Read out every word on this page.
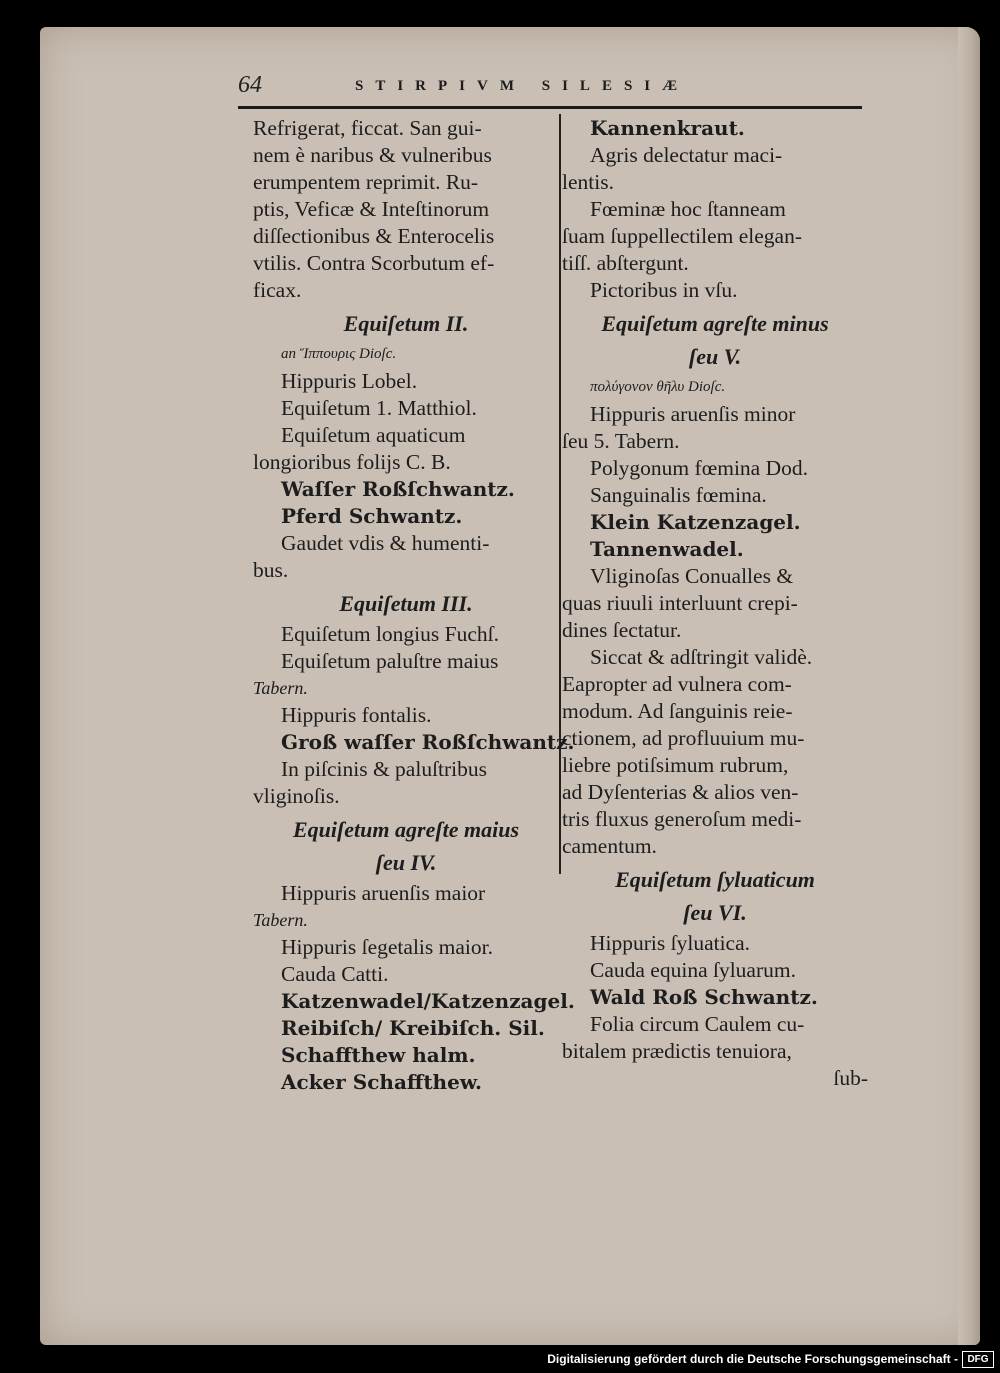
64	STIRPIVM SILESIÆ
Refrigerat, ficcat. San gui-
nem è naribus & vulneribus
erumpentem reprimit. Ru-
ptis, Veficæ & Inteſtinorum
diſſectionibus & Enterocelis
vtilis. Contra Scorbutum ef-
ficax.
Equiſetum II.
an Ἵππουρις Dioſc.
Hippuris Lobel.
Equiſetum 1. Matthiol.
Equiſetum aquaticum
longioribus folijs C. B.
Waſſer Roßſchwantz.
Pferd Schwantz.
Gaudet vdis & humenti-
bus.
Equiſetum III.
Equiſetum longius Fuchſ.
Equiſetum paluſtre maius
Tabern.
Hippuris fontalis.
Groß waſſer Roßſchwantz.
In piſcinis & paluſtribus
vliginoſis.
Equiſetum agreſte maius
ſeu IV.
Hippuris aruenſis maior
Tabern.
Hippuris ſegetalis maior.
Cauda Catti.
Katzenwadel/Katzenzagel.
Reibiſch/ Kreibiſch. Sil.
Schaffthew halm.
Acker Schaffthew.
Kannenkraut.
Agris delectatur maci-
lentis.
Fœminæ hoc ſtanneam
ſuam ſuppellectilem elegan-
tiſſ. abſtergunt.
Pictoribus in vſu.
Equiſetum agreſte minus
ſeu V.
πολύγονον θῆλυ Dioſc.
Hippuris aruenſis minor
ſeu 5. Tabern.
Polygonum fœmina Dod.
Sanguinalis fœmina.
Klein Katzenzagel.
Tannenwadel.
Vliginoſas Conualles &
quas riuuli interluunt crepi-
dines ſectatur.
Siccat & adſtringit validè.
Eapropter ad vulnera com-
modum. Ad ſanguinis reie-
ctionem, ad profluuium mu-
liebre potiſsimum rubrum,
ad Dyſenterias & alios ven-
tris fluxus generoſum medi-
camentum.
Equiſetum ſyluaticum
ſeu VI.
Hippuris ſyluatica.
Cauda equina ſyluarum.
Wald Roß Schwantz.
Folia circum Caulem cu-
bitalem prædictis tenuiora,
ſub-
Digitalisierung gefördert durch die Deutsche Forschungsgemeinschaft - DFG
